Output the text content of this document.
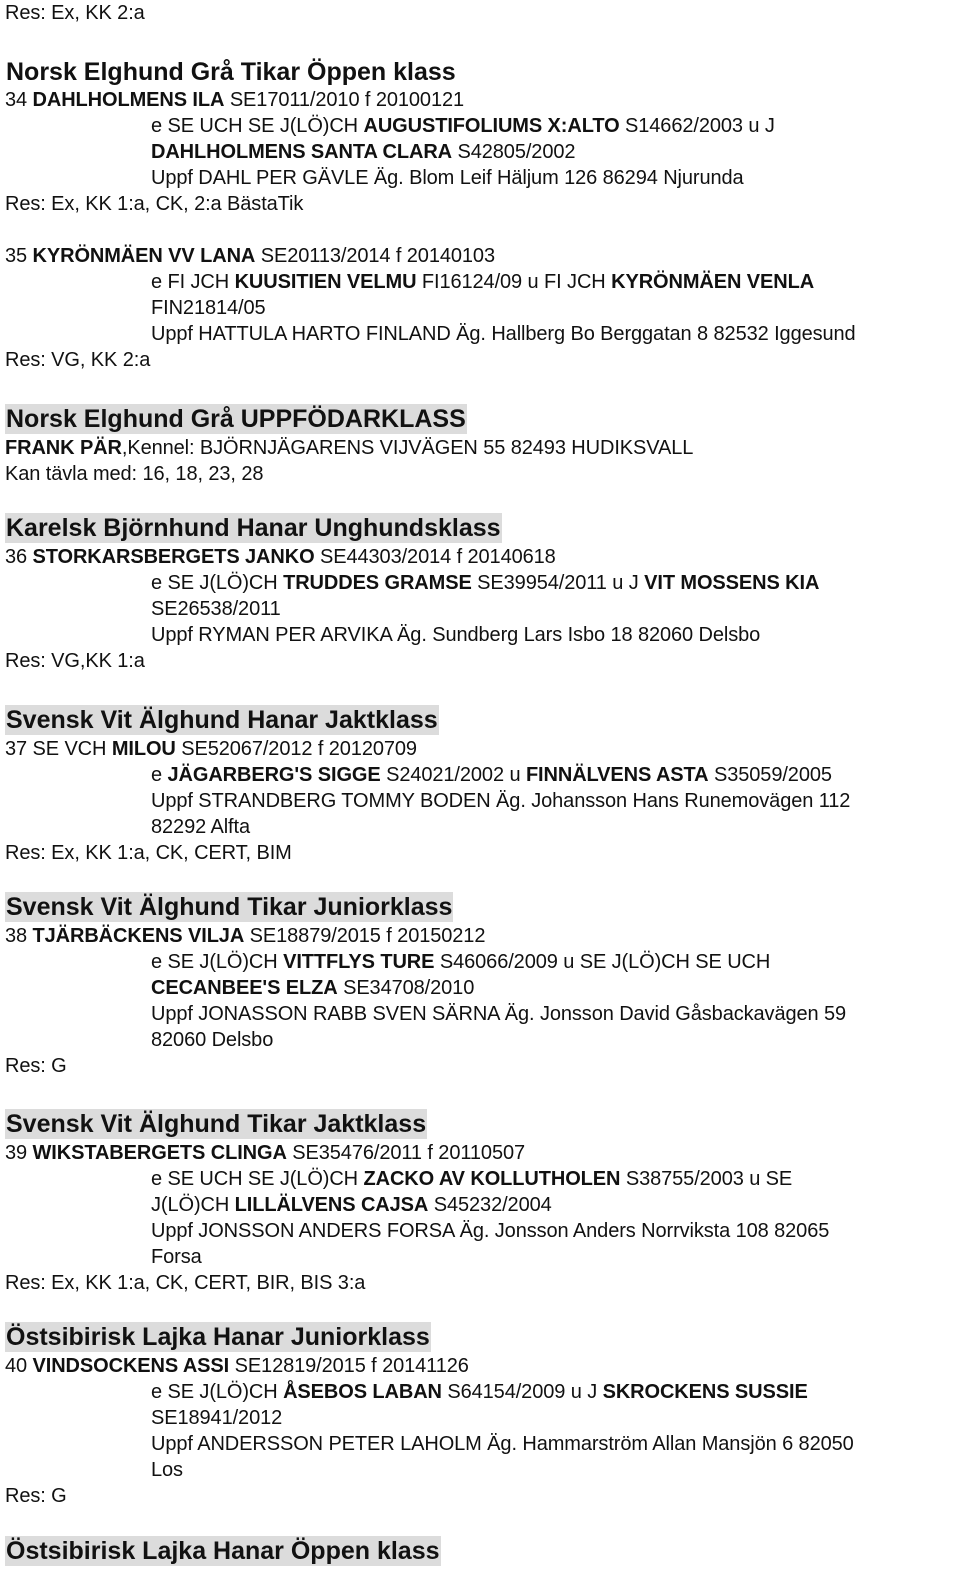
Res: Ex, KK 2:a
Norsk Elghund Grå Tikar Öppen klass
34 DAHLHOLMENS ILA SE17011/2010 f 20100121
e SE UCH SE J(LÖ)CH AUGUSTIFOLIUMS X:ALTO S14662/2003 u J
DAHLHOLMENS SANTA CLARA S42805/2002
Uppf DAHL PER GÄVLE Äg. Blom Leif Häljum 126 86294 Njurunda
Res: Ex, KK 1:a, CK, 2:a BästaTik
35 KYRÖNMÄEN VV LANA SE20113/2014 f 20140103
e FI JCH KUUSITIEN VELMU FI16124/09 u FI JCH KYRÖNMÄEN VENLA
FIN21814/05
Uppf HATTULA HARTO FINLAND Äg. Hallberg Bo Berggatan 8 82532 Iggesund
Res: VG, KK 2:a
Norsk Elghund Grå UPPFÖDARKLASS
FRANK PÄR,Kennel: BJÖRNJÄGARENS VIJVÄGEN 55 82493 HUDIKSVALL
Kan tävla med: 16, 18, 23, 28
Karelsk Björnhund Hanar Unghundsklass
36 STORKARSBERGETS JANKO SE44303/2014 f 20140618
e SE J(LÖ)CH TRUDDES GRAMSE SE39954/2011 u J VIT MOSSENS KIA
SE26538/2011
Uppf RYMAN PER ARVIKA Äg. Sundberg Lars Isbo 18 82060 Delsbo
Res: VG,KK 1:a
Svensk Vit Älghund Hanar Jaktklass
37 SE VCH MILOU SE52067/2012 f 20120709
e JÄGARBERG'S SIGGE S24021/2002 u FINNÄLVENS ASTA S35059/2005
Uppf STRANDBERG TOMMY BODEN Äg. Johansson Hans Runemovägen 112
82292 Alfta
Res: Ex, KK 1:a, CK, CERT, BIM
Svensk Vit Älghund Tikar Juniorklass
38 TJÄRBÄCKENS VILJA SE18879/2015 f 20150212
e SE J(LÖ)CH VITTFLYS TURE S46066/2009 u SE J(LÖ)CH SE UCH
CECANBEE'S ELZA SE34708/2010
Uppf JONASSON RABB SVEN SÄRNA Äg. Jonsson David Gåsbackavägen 59
82060 Delsbo
Res: G
Svensk Vit Älghund Tikar Jaktklass
39 WIKSTABERGETS CLINGA SE35476/2011 f 20110507
e SE UCH SE J(LÖ)CH ZACKO AV KOLLUTHOLEN S38755/2003 u SE
J(LÖ)CH LILLÄLVENS CAJSA S45232/2004
Uppf JONSSON ANDERS FORSA Äg. Jonsson Anders Norrviksta 108 82065
Forsa
Res: Ex, KK 1:a, CK, CERT, BIR, BIS 3:a
Östsibirisk Lajka Hanar Juniorklass
40 VINDSOCKENS ASSI SE12819/2015 f 20141126
e SE J(LÖ)CH ÅSEBOS LABAN S64154/2009 u J SKROCKENS SUSSIE
SE18941/2012
Uppf ANDERSSON PETER LAHOLM Äg. Hammarström Allan Mansjön 6 82050
Los
Res: G
Östsibirisk Lajka Hanar Öppen klass
